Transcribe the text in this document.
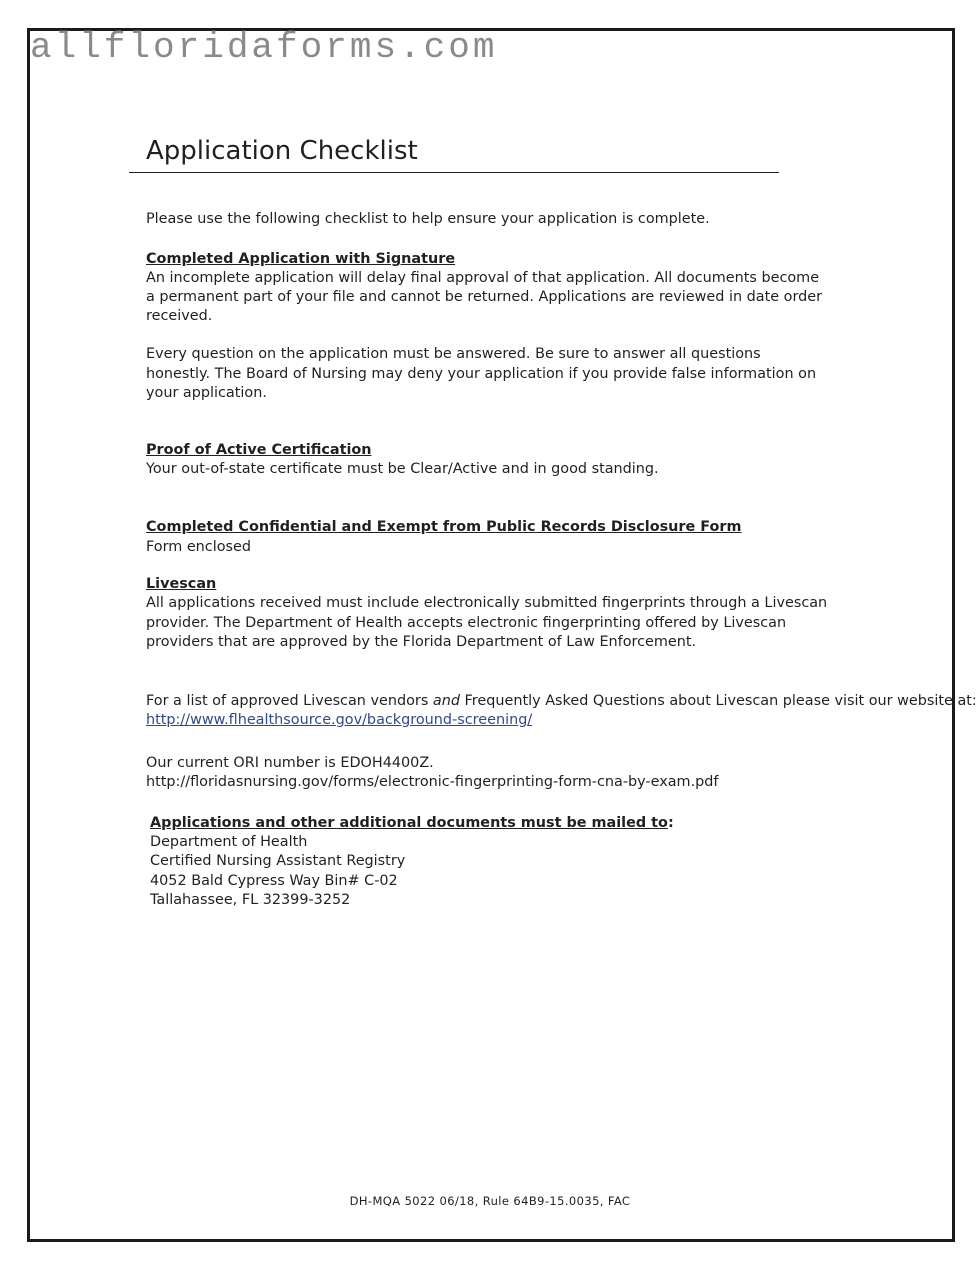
allfloridaforms.com
Application Checklist
Please use the following checklist to help ensure your application is complete.
Completed Application with Signature
An incomplete application will delay final approval of that application. All documents become
a permanent part of your file and cannot be returned. Applications are reviewed in date order
received.
Every question on the application must be answered. Be sure to answer all questions
honestly. The Board of Nursing may deny your application if you provide false information on
your application.
Proof of Active Certification
Your out-of-state certificate must be Clear/Active and in good standing.
Completed Confidential and Exempt from Public Records Disclosure Form
Form enclosed
Livescan
All applications received must include electronically submitted fingerprints through a Livescan
provider. The Department of Health accepts electronic fingerprinting offered by Livescan
providers that are approved by the Florida Department of Law Enforcement.
For a list of approved Livescan vendors and Frequently Asked Questions about Livescan please visit our website at:
http://www.flhealthsource.gov/background-screening/
Our current ORI number is EDOH4400Z.
http://floridasnursing.gov/forms/electronic-fingerprinting-form-cna-by-exam.pdf
Applications and other additional documents must be mailed to:
Department of Health
Certified Nursing Assistant Registry
4052 Bald Cypress Way Bin# C-02
Tallahassee, FL 32399-3252
DH-MQA 5022 06/18, Rule 64B9-15.0035, FAC
